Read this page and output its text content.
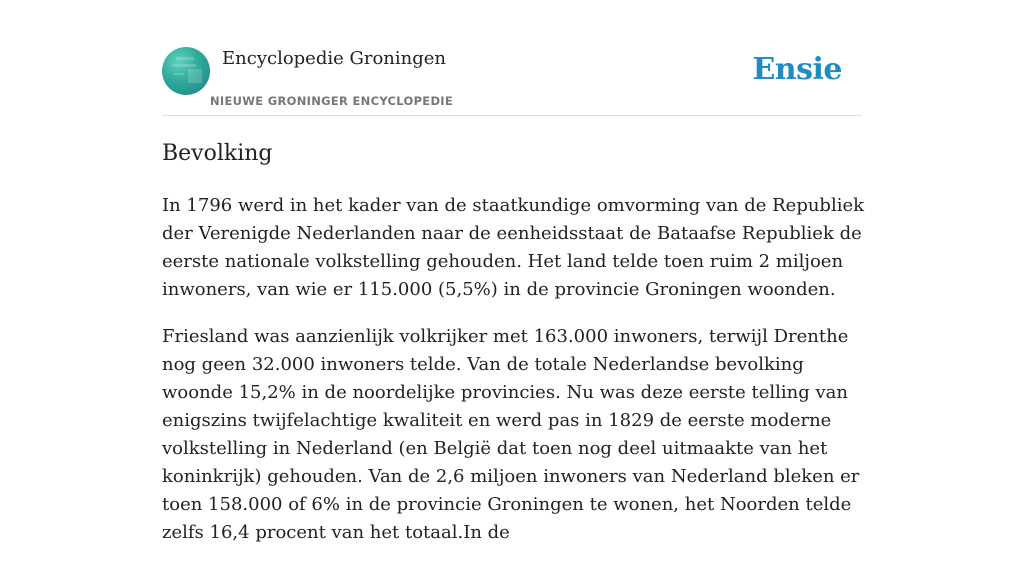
Encyclopedie Groningen
NIEUWE GRONINGER ENCYCLOPEDIE
Ensie
Bevolking

In 1796 werd in het kader van de staatkundige omvorming van de Republiek der Verenigde Nederlanden naar de eenheidsstaat de Bataafse Republiek de eerste nationale volkstelling gehouden. Het land telde toen ruim 2 miljoen inwoners, van wie er 115.000 (5,5%) in de provincie Groningen woonden.

Friesland was aanzienlijk volkrijker met 163.000 inwoners, terwijl Drenthe nog geen 32.000 inwoners telde. Van de totale Nederlandse bevolking woonde 15,2% in de noordelijke provincies. Nu was deze eerste telling van enigszins twijfelachtige kwaliteit en werd pas in 1829 de eerste moderne volkstelling in Nederland (en België dat toen nog deel uitmaakte van het koninkrijk) gehouden. Van de 2,6 miljoen inwoners van Nederland bleken er toen 158.000 of 6% in de provincie Groningen te wonen, het Noorden telde zelfs 16,4 procent van het totaal.In de
